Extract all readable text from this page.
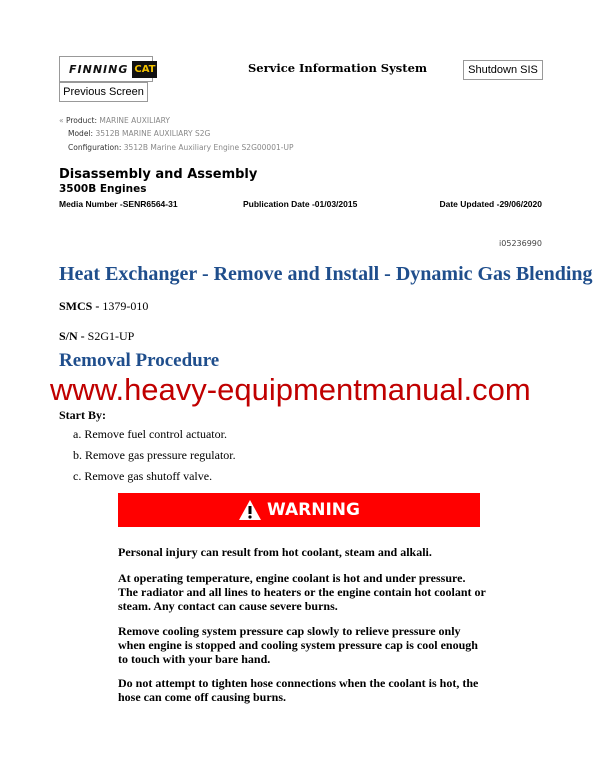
FINNING CAT
Previous Screen
Service Information System	Shutdown SIS
« Product: MARINE AUXILIARY
Model: 3512B MARINE AUXILIARY S2G
Configuration: 3512B Marine Auxiliary Engine S2G00001-UP
Disassembly and Assembly
3500B Engines
Media Number -SENR6564-31	Publication Date -01/03/2015	Date Updated -29/06/2020
i05236990
Heat Exchanger - Remove and Install - Dynamic Gas Blending
SMCS - 1379-010
S/N - S2G1-UP
Removal Procedure
www.heavy-equipmentmanual.com
Start By:
a. Remove fuel control actuator.
b. Remove gas pressure regulator.
c. Remove gas shutoff valve.
WARNING
Personal injury can result from hot coolant, steam and alkali.
At operating temperature, engine coolant is hot and under pressure. The radiator and all lines to heaters or the engine contain hot coolant or steam. Any contact can cause severe burns.
Remove cooling system pressure cap slowly to relieve pressure only when engine is stopped and cooling system pressure cap is cool enough to touch with your bare hand.
Do not attempt to tighten hose connections when the coolant is hot, the hose can come off causing burns.
